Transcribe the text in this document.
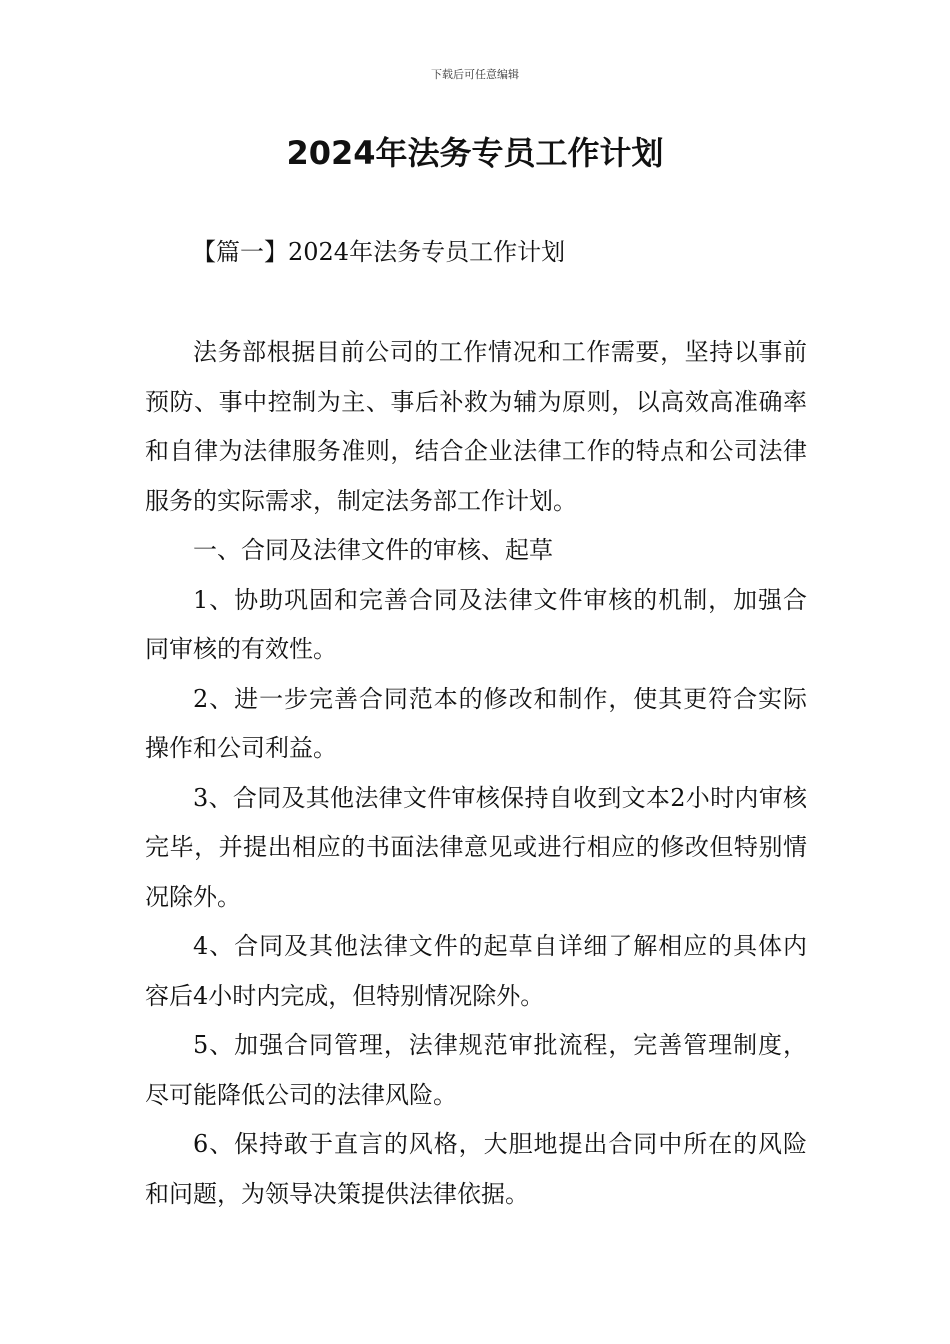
下载后可任意编辑
2024年法务专员工作计划
【篇一】2024年法务专员工作计划

法务部根据目前公司的工作情况和工作需要，坚持以事前预防、事中控制为主、事后补救为辅为原则，以高效高准确率和自律为法律服务准则，结合企业法律工作的特点和公司法律服务的实际需求，制定法务部工作计划。

一、合同及法律文件的审核、起草

1、协助巩固和完善合同及法律文件审核的机制，加强合同审核的有效性。

2、进一步完善合同范本的修改和制作，使其更符合实际操作和公司利益。

3、合同及其他法律文件审核保持自收到文本2小时内审核完毕，并提出相应的书面法律意见或进行相应的修改但特别情况除外。

4、合同及其他法律文件的起草自详细了解相应的具体内容后4小时内完成，但特别情况除外。

5、加强合同管理，法律规范审批流程，完善管理制度，尽可能降低公司的法律风险。

6、保持敢于直言的风格，大胆地提出合同中所在的风险和问题，为领导决策提供法律依据。
